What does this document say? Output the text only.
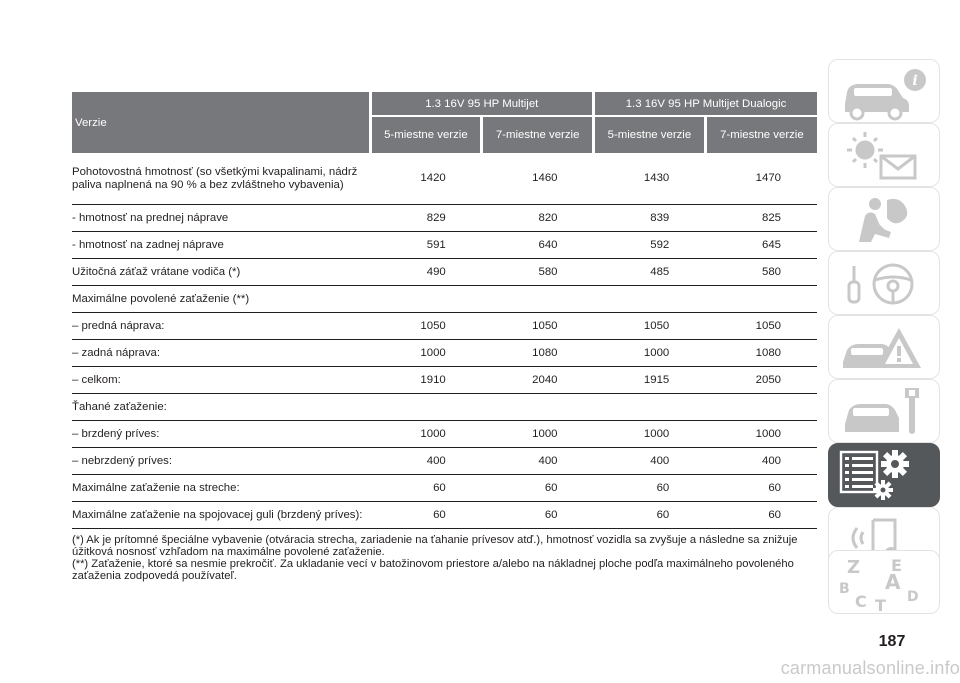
Verzie	1.3 16V 95 HP Multijet		1.3 16V 95 HP Multijet Dualogic	
	5-miestne verzie	7-miestne verzie	5-miestne verzie	7-miestne verzie
Pohotovostná hmotnosť (so všetkými kvapalinami, nádrž paliva naplnená na 90 % a bez zvláštneho vybavenia)	1420	1460	1430	1470
- hmotnosť na prednej náprave	829	820	839	825
- hmotnosť na zadnej náprave	591	640	592	645
Užitočná záťaž vrátane vodiča (*)	490	580	485	580
Maximálne povolené zaťaženie (**)				
– predná náprava:	1050	1050	1050	1050
– zadná náprava:	1000	1080	1000	1080
– celkom:	1910	2040	1915	2050
Ťahané zaťaženie:				
– brzdený príves:	1000	1000	1000	1000
– nebrzdený príves:	400	400	400	400
Maximálne zaťaženie na streche:	60	60	60	60
Maximálne zaťaženie na spojovacej guli (brzdený príves):	60	60	60	60

(*) Ak je prítomné špeciálne vybavenie (otváracia strecha, zariadenie na ťahanie prívesov atď.), hmotnosť vozidla sa zvyšuje a následne sa znižuje úžitková nosnosť vzhľadom na maximálne povolené zaťaženie.

(**) Zaťaženie, ktoré sa nesmie prekročiť. Za ukladanie vecí v batožinovom priestore a/alebo na nákladnej ploche podľa maximálneho povoleného zaťaženia zodpovedá používateľ.

i
Z E
B A
C	D
T
187
carmanualsonline.info
